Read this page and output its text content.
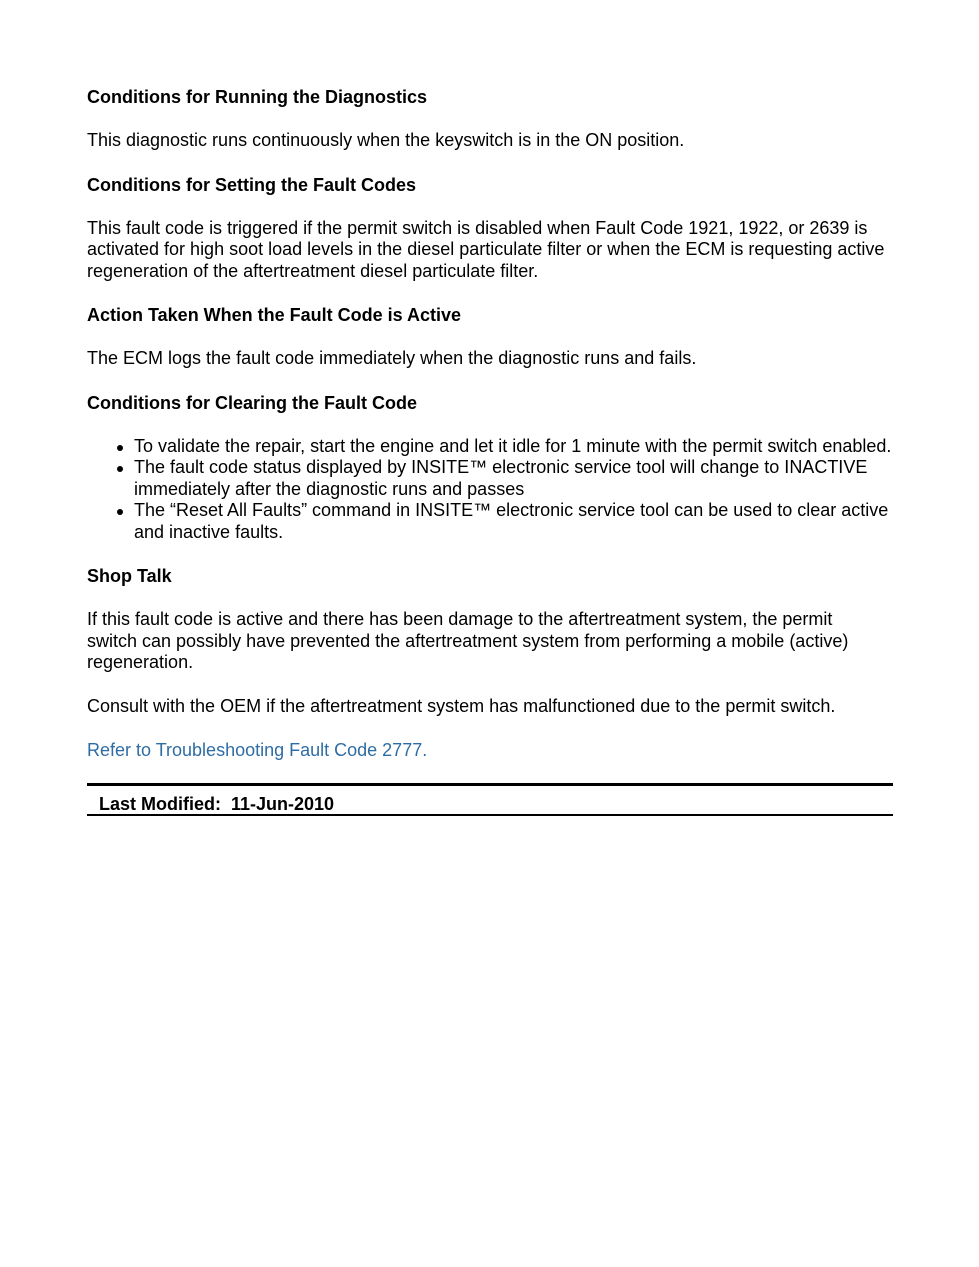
Conditions for Running the Diagnostics
This diagnostic runs continuously when the keyswitch is in the ON position.
Conditions for Setting the Fault Codes
This fault code is triggered if the permit switch is disabled when Fault Code 1921, 1922, or 2639 is activated for high soot load levels in the diesel particulate filter or when the ECM is requesting active regeneration of the aftertreatment diesel particulate filter.
Action Taken When the Fault Code is Active
The ECM logs the fault code immediately when the diagnostic runs and fails.
Conditions for Clearing the Fault Code
To validate the repair, start the engine and let it idle for 1 minute with the permit switch enabled.
The fault code status displayed by INSITE™ electronic service tool will change to INACTIVE immediately after the diagnostic runs and passes
The “Reset All Faults” command in INSITE™ electronic service tool can be used to clear active and inactive faults.
Shop Talk
If this fault code is active and there has been damage to the aftertreatment system, the permit switch can possibly have prevented the aftertreatment system from performing a mobile (active) regeneration.
Consult with the OEM if the aftertreatment system has malfunctioned due to the permit switch.
Refer to Troubleshooting Fault Code 2777.
Last Modified:  11-Jun-2010
